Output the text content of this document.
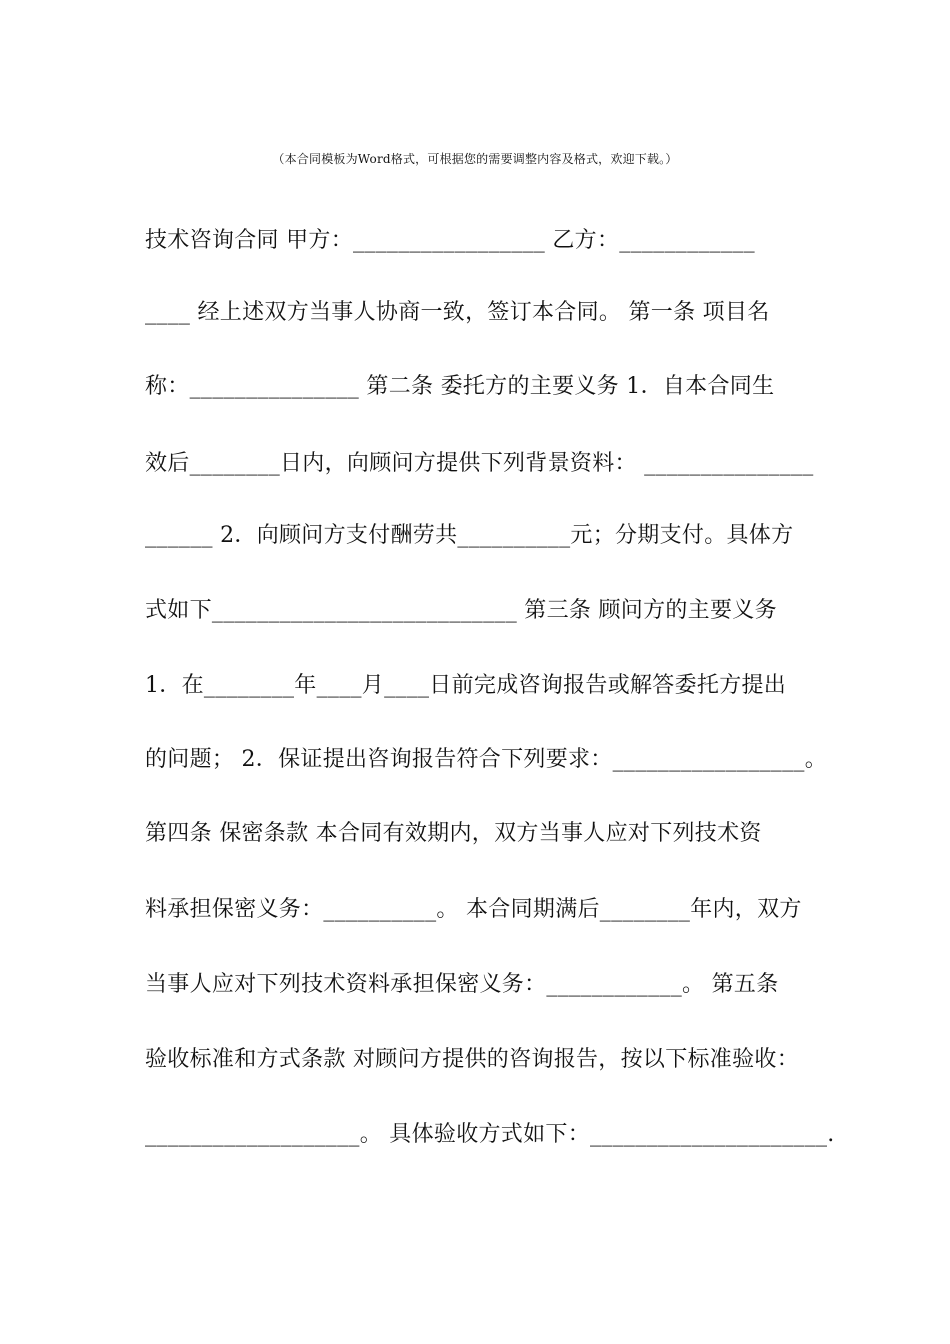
（本合同模板为Word格式，可根据您的需要调整内容及格式，欢迎下载。）
技术咨询合同 甲方：_________________ 乙方：____________
____ 经上述双方当事人协商一致，签订本合同。 第一条 项目名
称：_______________ 第二条 委托方的主要义务 1．自本合同生
效后________日内，向顾问方提供下列背景资料： _______________
______ 2．向顾问方支付酬劳共__________元；分期支付。具体方
式如下___________________________ 第三条 顾问方的主要义务
1．在________年____月____日前完成咨询报告或解答委托方提出
的问题； 2．保证提出咨询报告符合下列要求：_________________。
第四条 保密条款 本合同有效期内，双方当事人应对下列技术资
料承担保密义务：__________。 本合同期满后________年内，双方
当事人应对下列技术资料承担保密义务：____________。 第五条
验收标准和方式条款 对顾问方提供的咨询报告，按以下标准验收：
___________________。 具体验收方式如下：_____________________.
